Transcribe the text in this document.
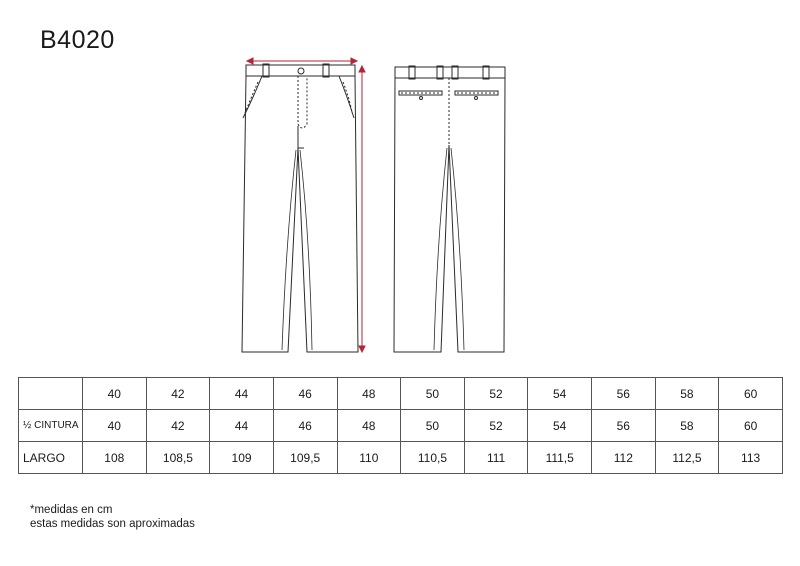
B4020
	40	42	44	46	48	50	52	54	56	58	60
½ CINTURA	40	42	44	46	48	50	52	54	56	58	60
LARGO	108	108,5	109	109,5	110	110,5	111	111,5	112	112,5	113
*medidas en cm
estas medidas son aproximadas
